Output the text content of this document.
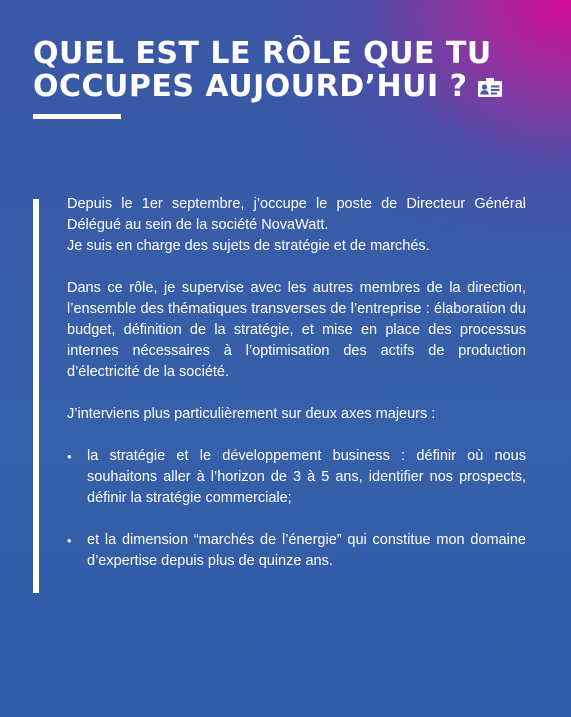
QUEL EST LE RÔLE QUE TU
OCCUPES AUJOURD’HUI ?

Depuis le 1er septembre, j’occupe le poste de Directeur Général Délégué au sein de la société NovaWatt.

Je suis en charge des sujets de stratégie et de marchés.

Dans ce rôle, je supervise avec les autres membres de la direction, l’ensemble des thématiques transverses de l’entreprise : élaboration du budget, définition de la stratégie, et mise en place des processus internes nécessaires à l’optimisation des actifs de production d’électricité de la société.

J’interviens plus particulièrement sur deux axes majeurs :

• la stratégie et le développement business : définir où nous souhaitons aller à l’horizon de 3 à 5 ans, identifier nos prospects, définir la stratégie commerciale;
• et la dimension “marchés de l’énergie” qui constitue mon domaine d’expertise depuis plus de quinze ans.
